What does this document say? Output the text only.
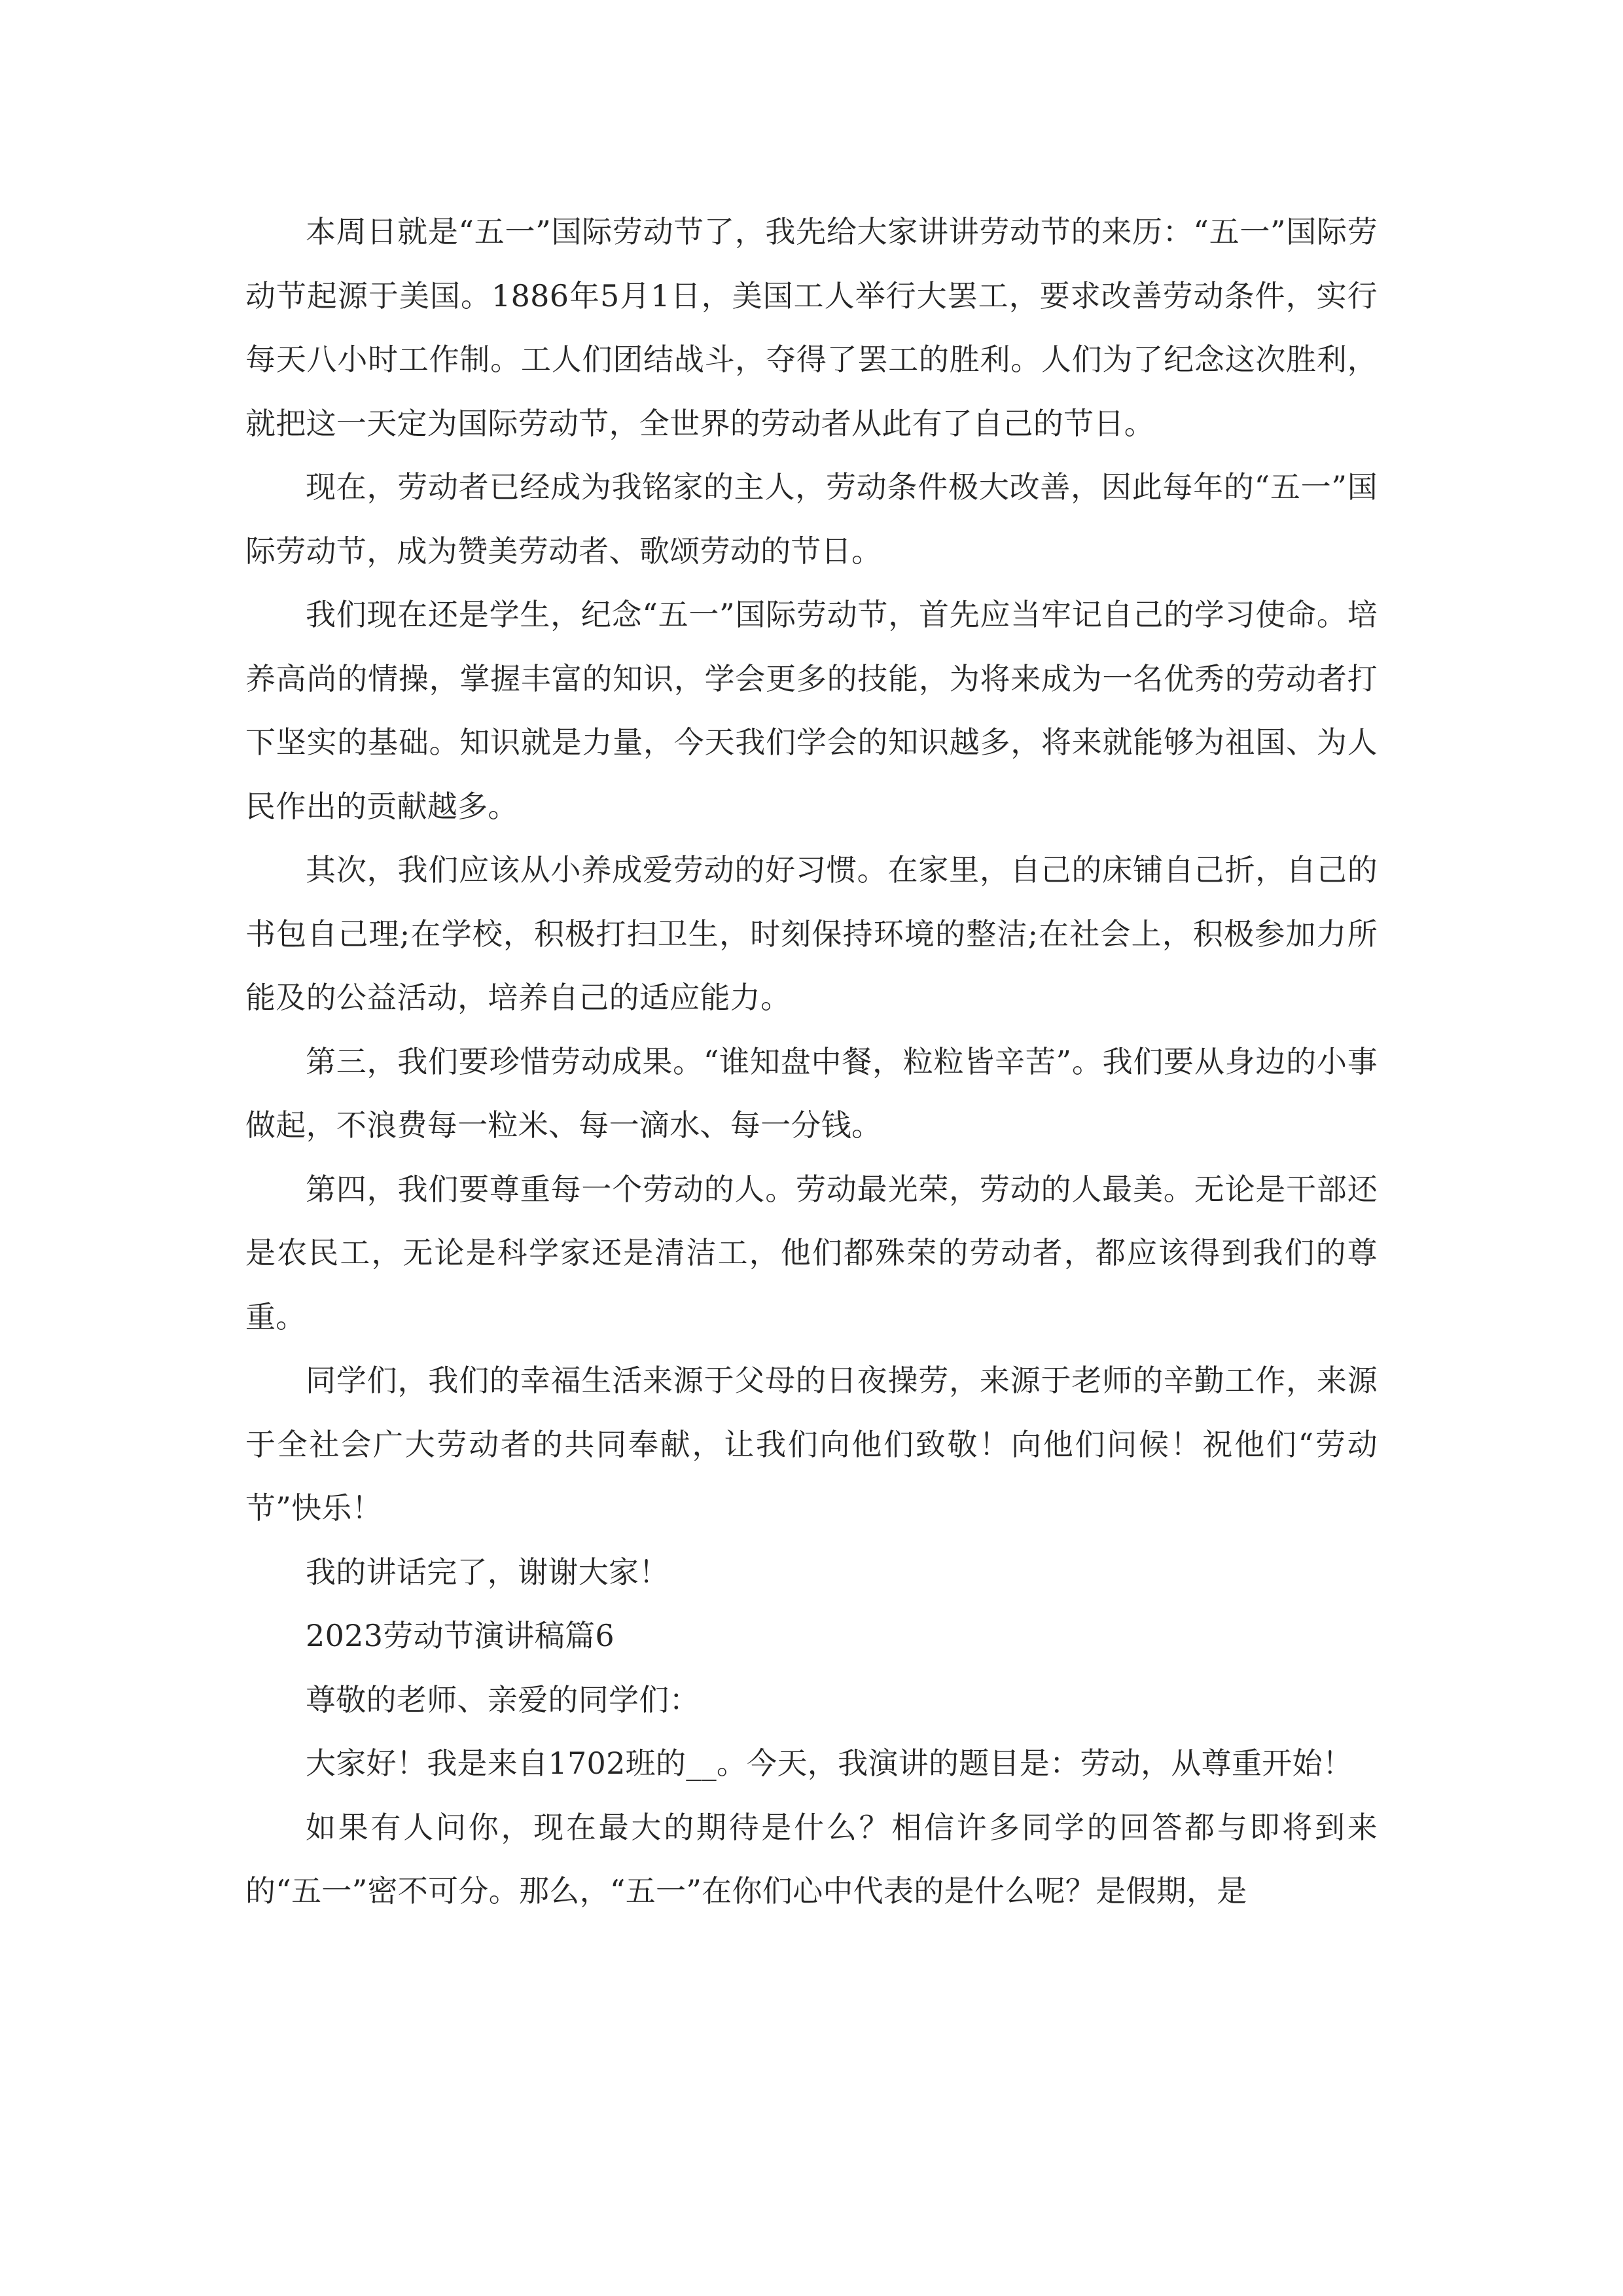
本周日就是“五一”国际劳动节了，我先给大家讲讲劳动节的来历：“五一”国际劳动节起源于美国。1886年5月1日，美国工人举行大罢工，要求改善劳动条件，实行每天八小时工作制。工人们团结战斗，夺得了罢工的胜利。人们为了纪念这次胜利，就把这一天定为国际劳动节，全世界的劳动者从此有了自己的节日。

现在，劳动者已经成为我铭家的主人，劳动条件极大改善，因此每年的“五一”国际劳动节，成为赞美劳动者、歌颂劳动的节日。

我们现在还是学生，纪念“五一”国际劳动节，首先应当牢记自己的学习使命。培养高尚的情操，掌握丰富的知识，学会更多的技能，为将来成为一名优秀的劳动者打下坚实的基础。知识就是力量，今天我们学会的知识越多，将来就能够为祖国、为人民作出的贡献越多。

其次，我们应该从小养成爱劳动的好习惯。在家里，自己的床铺自己折，自己的书包自己理;在学校，积极打扫卫生，时刻保持环境的整洁;在社会上，积极参加力所能及的公益活动，培养自己的适应能力。

第三，我们要珍惜劳动成果。“谁知盘中餐，粒粒皆辛苦”。我们要从身边的小事做起，不浪费每一粒米、每一滴水、每一分钱。

第四，我们要尊重每一个劳动的人。劳动最光荣，劳动的人最美。无论是干部还是农民工，无论是科学家还是清洁工，他们都殊荣的劳动者，都应该得到我们的尊重。

同学们，我们的幸福生活来源于父母的日夜操劳，来源于老师的辛勤工作，来源于全社会广大劳动者的共同奉献，让我们向他们致敬！向他们问候！祝他们“劳动节”快乐！

我的讲话完了，谢谢大家！

2023劳动节演讲稿篇6

尊敬的老师、亲爱的同学们：

大家好！我是来自1702班的__。今天，我演讲的题目是：劳动，从尊重开始！

如果有人问你，现在最大的期待是什么？相信许多同学的回答都与即将到来的“五一”密不可分。那么，“五一”在你们心中代表的是什么呢？是假期，是
